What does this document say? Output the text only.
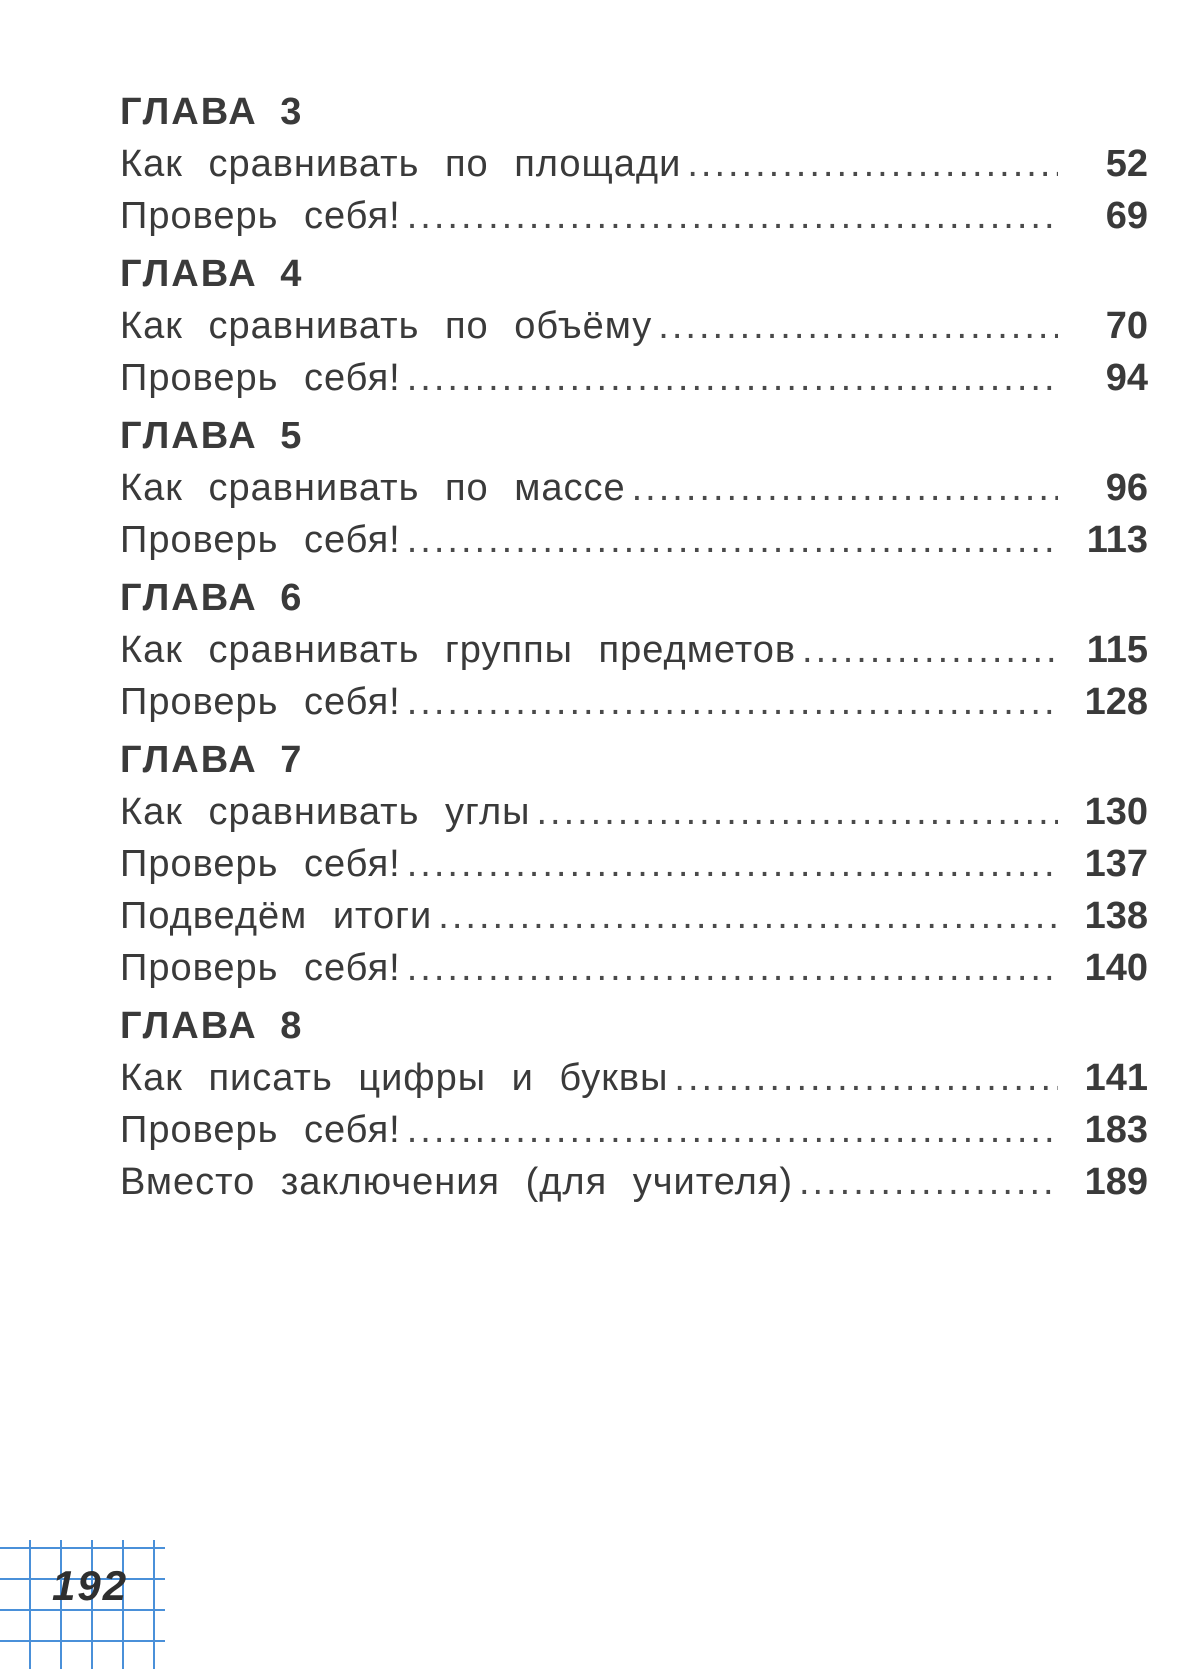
ГЛАВА 3
Как сравнивать по площади .....	52
Проверь себя! .....	69
ГЛАВА 4
Как сравнивать по объёму .....	70
Проверь себя! .....	94
ГЛАВА 5
Как сравнивать по массе .....	96
Проверь себя! .....	113
ГЛАВА 6
Как сравнивать группы предметов .....	115
Проверь себя! .....	128
ГЛАВА 7
Как сравнивать углы .....	130
Проверь себя! .....	137
Подведём итоги .....	138
Проверь себя! .....	140
ГЛАВА 8
Как писать цифры и буквы .....	141
Проверь себя! .....	183
Вместо заключения (для учителя) .....	189
192
